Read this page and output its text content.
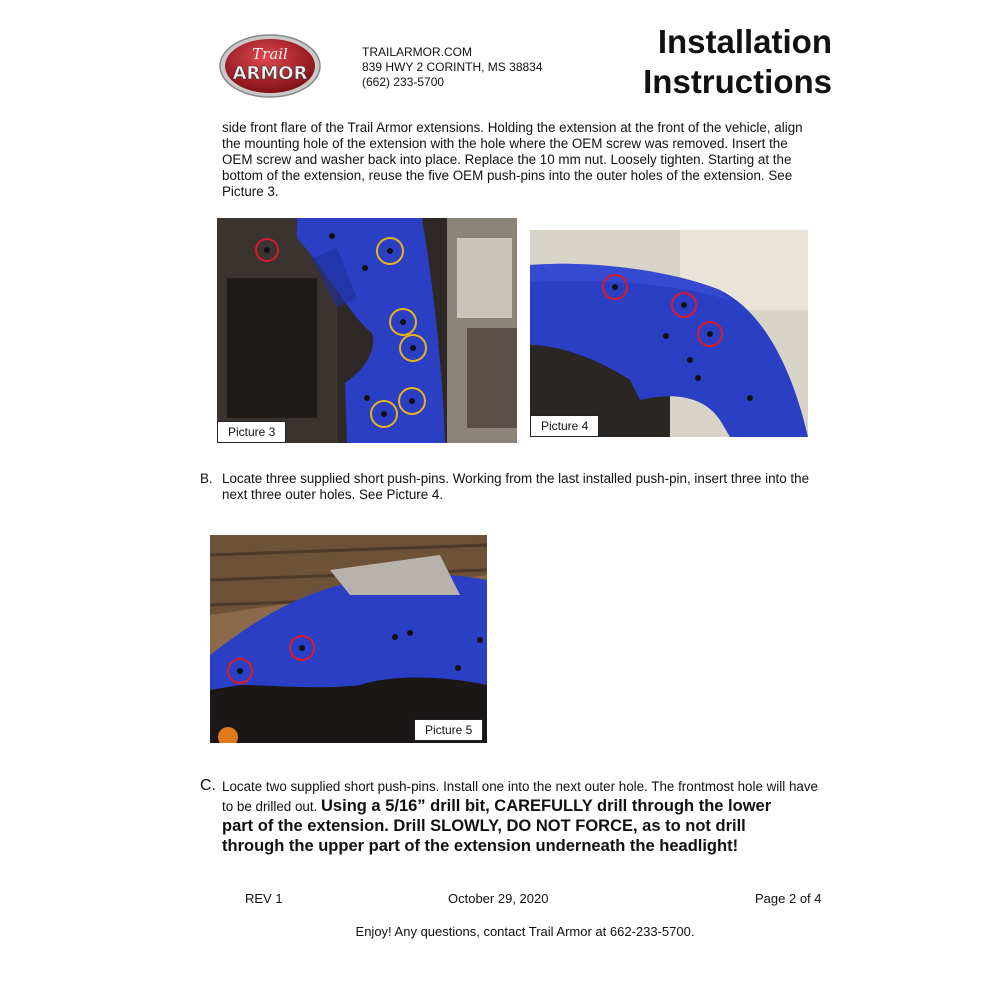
Trail
ARMOR
TRAILARMOR.COM
839 HWY 2 CORINTH, MS 38834
(662) 233-5700
Installation
Instructions
side front flare of the Trail Armor extensions. Holding the extension at the front of the vehicle, align
the mounting hole of the extension with the hole where the OEM screw was removed. Insert the
OEM screw and washer back into place. Replace the 10 mm nut. Loosely tighten. Starting at the
bottom of the extension, reuse the five OEM push-pins into the outer holes of the extension. See
Picture 3.
Picture 3	Picture 4
B. Locate three supplied short push-pins. Working from the last installed push-pin, insert three into the
next three outer holes. See Picture 4.
Picture 5
C. Locate two supplied short push-pins. Install one into the next outer hole. The frontmost hole will have
to be drilled out. Using a 5/16” drill bit, CAREFULLY drill through the lower
part of the extension. Drill SLOWLY, DO NOT FORCE, as to not drill
through the upper part of the extension underneath the headlight!
REV 1	October 29, 2020	Page 2 of 4
Enjoy! Any questions, contact Trail Armor at 662-233-5700.
